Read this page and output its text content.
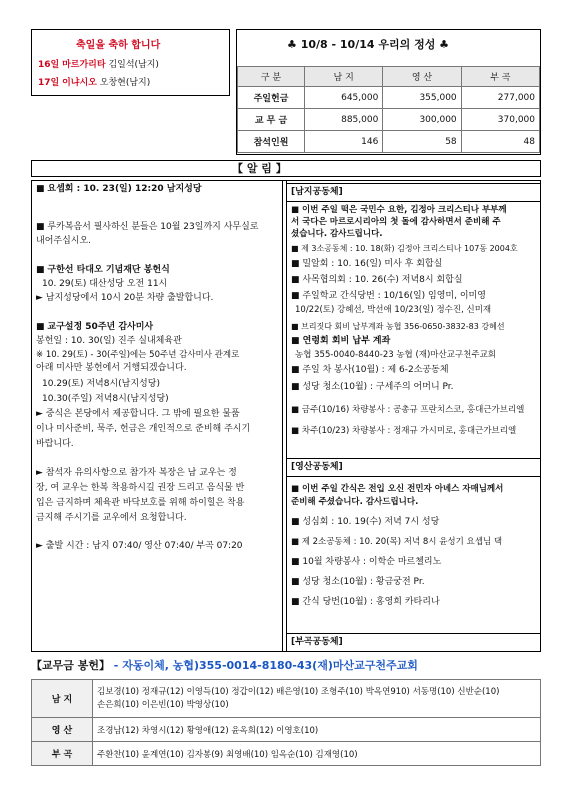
축일을 축하 합니다
16일 마르가리타 김일석(남지)
17일 이냐시오 오창현(남지)
♣ 10/8 - 10/14 우리의 정성 ♣
구 분	남 지	영 산	부 곡
주일헌금	645,000	355,000	277,000
교 무 금	885,000	300,000	370,000
참석인원	146	58	48
【 알 림 】
■ 요셉회 : 10. 23(일) 12:20 남지성당
■ 루카복음서 필사하신 분들은 10월 23일까지 사무실로
내어주십시오.
■ 구한선 타대오 기념재단 봉헌식
10. 29(토) 대산성당 오전 11시
► 남지성당에서 10시 20분 차량 출발합니다.
■ 교구설정 50주년 감사미사
봉헌일 : 10. 30(일) 진주 실내체육관
※ 10. 29(토) - 30(주일)에는 50주년 감사미사 관계로
아래 미사만 봉헌에서 거행되겠습니다.
10.29(토) 저녁8시(남지성당)
10.30(주일) 저녁8시(남지성당)
► 중식은 본당에서 제공합니다. 그 밖에 필요한 물품
이나 미사준비, 묵주, 헌금은 개인적으로 준비해 주시기
바랍니다.
► 참석자 유의사항으로 참가자 복장은 남 교우는 정
장, 여 교우는 한복 착용하시길 권장 드리고 음식물 반
입은 금지하며 체육관 바닥보호를 위해 하이힐은 착용
금지해 주시기를 교우에서 요청합니다.
► 출발 시간 : 남지 07:40/ 영산 07:40/ 부곡 07:20
[남지공동체]
■ 이번 주일 떡은 국민수 요한, 김정아 크리스티나 부부께
서 국다은 마르로시리아의 첫 돌에 감사하면서 준비해 주
셨습니다. 감사드립니다.
■ 제 3소공동체 : 10. 18(화) 김정아 크리스티나 107동 2004호
■ 밀알회 : 10. 16(일) 미사 후 회합실
■ 사목협의회 : 10. 26(수) 저녁8시 회합실
■ 주일학교 간식당번 : 10/16(일) 임영미, 이미영
10/22(토) 강혜선, 박선애 10/23(일) 정수진, 신미재
■ 브리짓다 회비 납부계좌 농협 356-0650-3832-83 강혜선
■ 연령회 회비 납부 계좌
농협 355-0040-8440-23 농협 (재)마산교구천주교회
■ 주일 차 봉사(10월) : 제 6-2소공동체
■ 성당 청소(10월) : 구세주의 어머니 Pr.
■ 금주(10/16) 차량봉사 : 공총규 프란치스코, 홍대근가브리엘
■ 차주(10/23) 차량봉사 : 정재규 가시미로, 홍대근가브리엘
[영산공동체]
■ 이번 주일 간식은 전입 오신 전민자 아녜스 자매님께서
준비해 주셨습니다. 감사드립니다.
■ 성심회 : 10. 19(수) 저녁 7시 성당
■ 제 2소공동체 : 10. 20(목) 저녁 8시 윤성기 요셉님 댁
■ 10월 차량봉사 : 이학순 마르첼리노
■ 성당 청소(10월) : 황금궁전 Pr.
■ 간식 당번(10월) : 홍영희 카타리나
[부곡공동체]
【교무금 봉헌】 - 자동이체, 농협)355-0014-8180-43(재)마산교구천주교회
남 지	김보경(10) 정재규(12) 이영득(10) 정갑이(12) 배은영(10) 조형주(10) 박옥연910) 서동명(10) 신반순(10)
손은희(10) 이은빈(10) 박영상(10)

영 산	조경남(12) 차영시(12) 황영애(12) 윤옥희(12) 이영호(10)

부 곡	주환찬(10) 윤계연(10) 김자봉(9) 최영배(10) 임옥순(10) 김재영(10)
